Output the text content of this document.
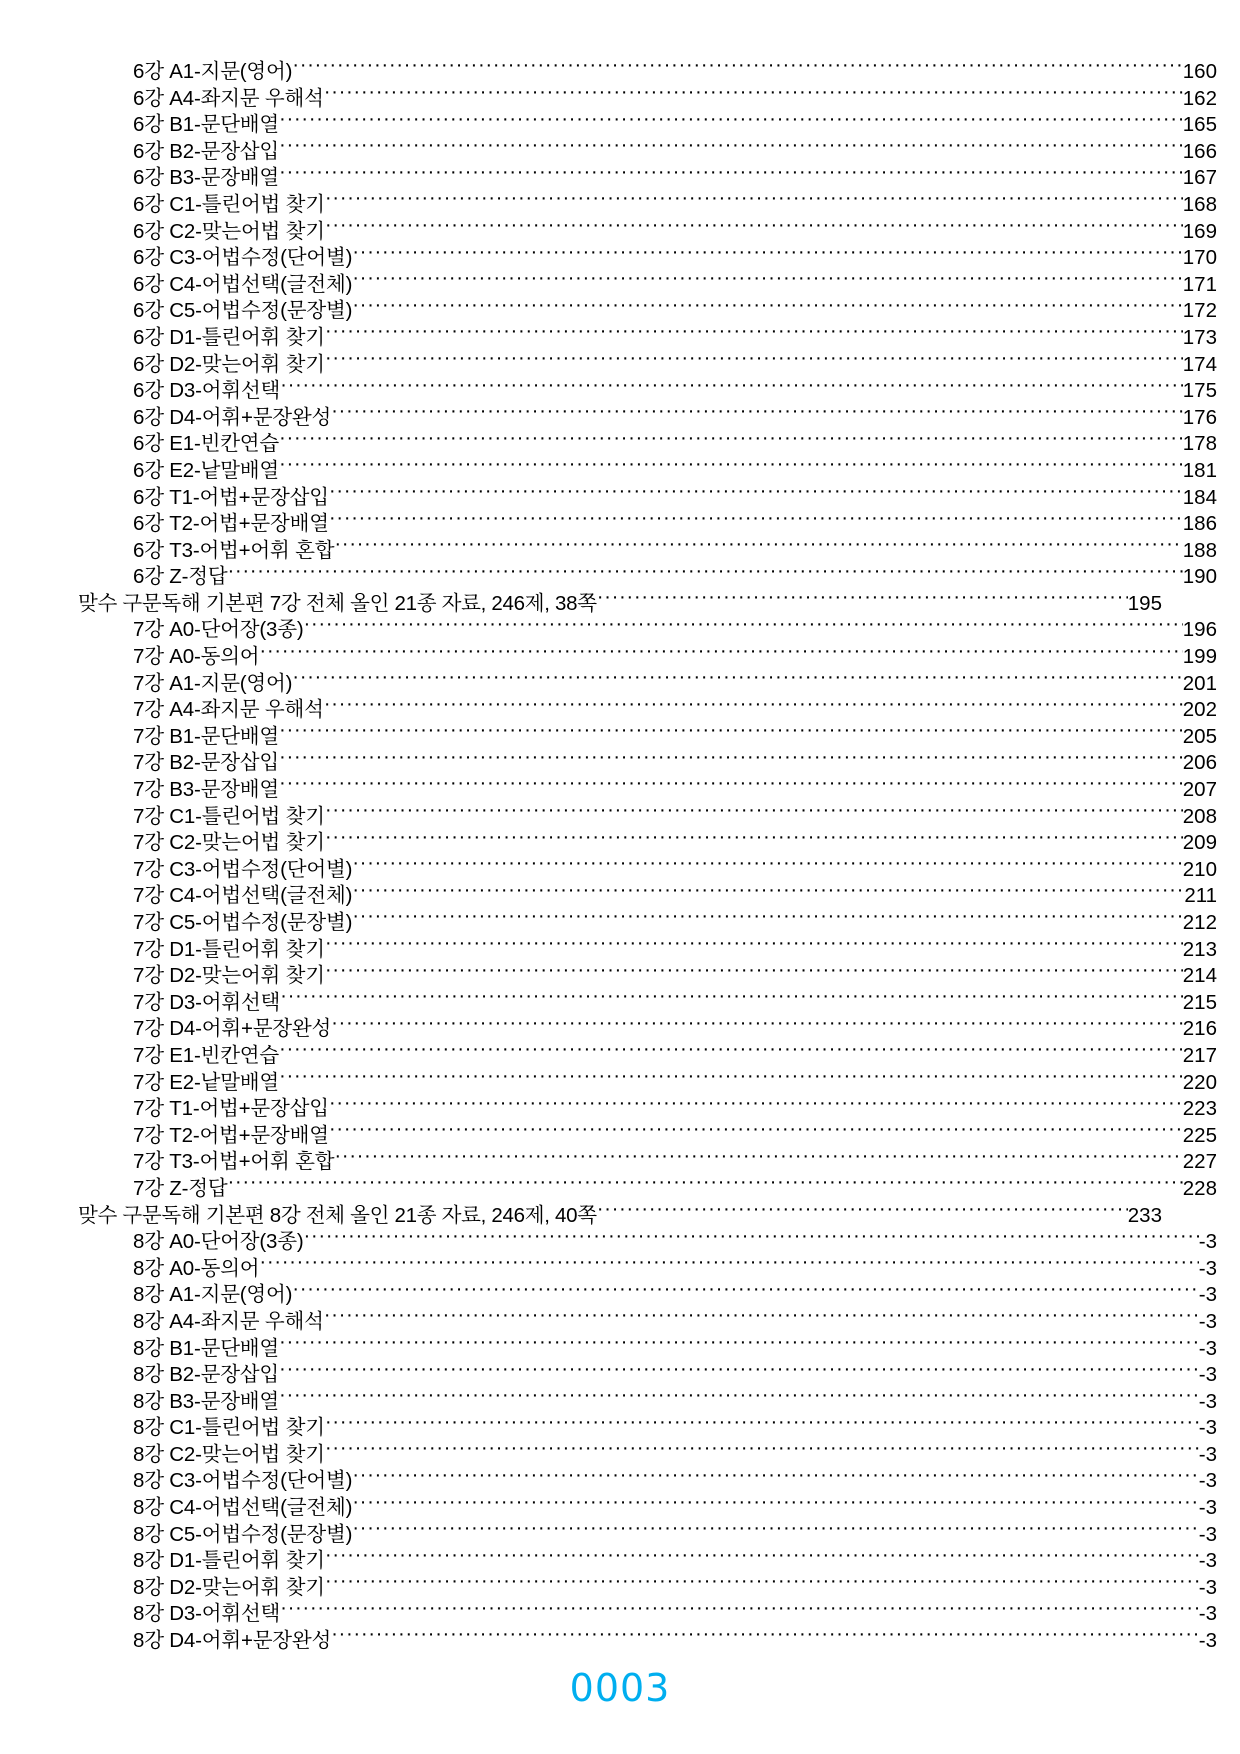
6강 A1-지문(영어) ·····	160
6강 A4-좌지문 우해석 ·····	162
6강 B1-문단배열 ·····	165
6강 B2-문장삽입 ·····	166
6강 B3-문장배열 ·····	167
6강 C1-틀린어법 찾기 ·····	168
6강 C2-맞는어법 찾기 ·····	169
6강 C3-어법수정(단어별) ·····	170
6강 C4-어법선택(글전체) ·····	171
6강 C5-어법수정(문장별) ·····	172
6강 D1-틀린어휘 찾기 ·····	173
6강 D2-맞는어휘 찾기 ·····	174
6강 D3-어휘선택 ·····	175
6강 D4-어휘+문장완성 ·····	176
6강 E1-빈칸연습 ·····	178
6강 E2-낱말배열 ·····	181
6강 T1-어법+문장삽입 ·····	184
6강 T2-어법+문장배열 ·····	186
6강 T3-어법+어휘 혼합 ·····	188
6강 Z-정답 ·····	190
맞수 구문독해 기본편 7강 전체 올인 21종 자료, 246제, 38쪽 ·····	195
7강 A0-단어장(3종) ·····	196
7강 A0-동의어 ·····	199
7강 A1-지문(영어) ·····	201
7강 A4-좌지문 우해석 ·····	202
7강 B1-문단배열 ·····	205
7강 B2-문장삽입 ·····	206
7강 B3-문장배열 ·····	207
7강 C1-틀린어법 찾기 ·····	208
7강 C2-맞는어법 찾기 ·····	209
7강 C3-어법수정(단어별) ·····	210
7강 C4-어법선택(글전체) ·····	211
7강 C5-어법수정(문장별) ·····	212
7강 D1-틀린어휘 찾기 ·····	213
7강 D2-맞는어휘 찾기 ·····	214
7강 D3-어휘선택 ·····	215
7강 D4-어휘+문장완성 ·····	216
7강 E1-빈칸연습 ·····	217
7강 E2-낱말배열 ·····	220
7강 T1-어법+문장삽입 ·····	223
7강 T2-어법+문장배열 ·····	225
7강 T3-어법+어휘 혼합 ·····	227
7강 Z-정답 ·····	228
맞수 구문독해 기본편 8강 전체 올인 21종 자료, 246제, 40쪽 ·····	233
8강 A0-단어장(3종) ·····	-3
8강 A0-동의어 ·····	-3
8강 A1-지문(영어) ·····	-3
8강 A4-좌지문 우해석 ·····	-3
8강 B1-문단배열 ·····	-3
8강 B2-문장삽입 ·····	-3
8강 B3-문장배열 ·····	-3
8강 C1-틀린어법 찾기 ·····	-3
8강 C2-맞는어법 찾기 ·····	-3
8강 C3-어법수정(단어별) ·····	-3
8강 C4-어법선택(글전체) ·····	-3
8강 C5-어법수정(문장별) ·····	-3
8강 D1-틀린어휘 찾기 ·····	-3
8강 D2-맞는어휘 찾기 ·····	-3
8강 D3-어휘선택 ·····	-3
8강 D4-어휘+문장완성 ·····	-3
0003
